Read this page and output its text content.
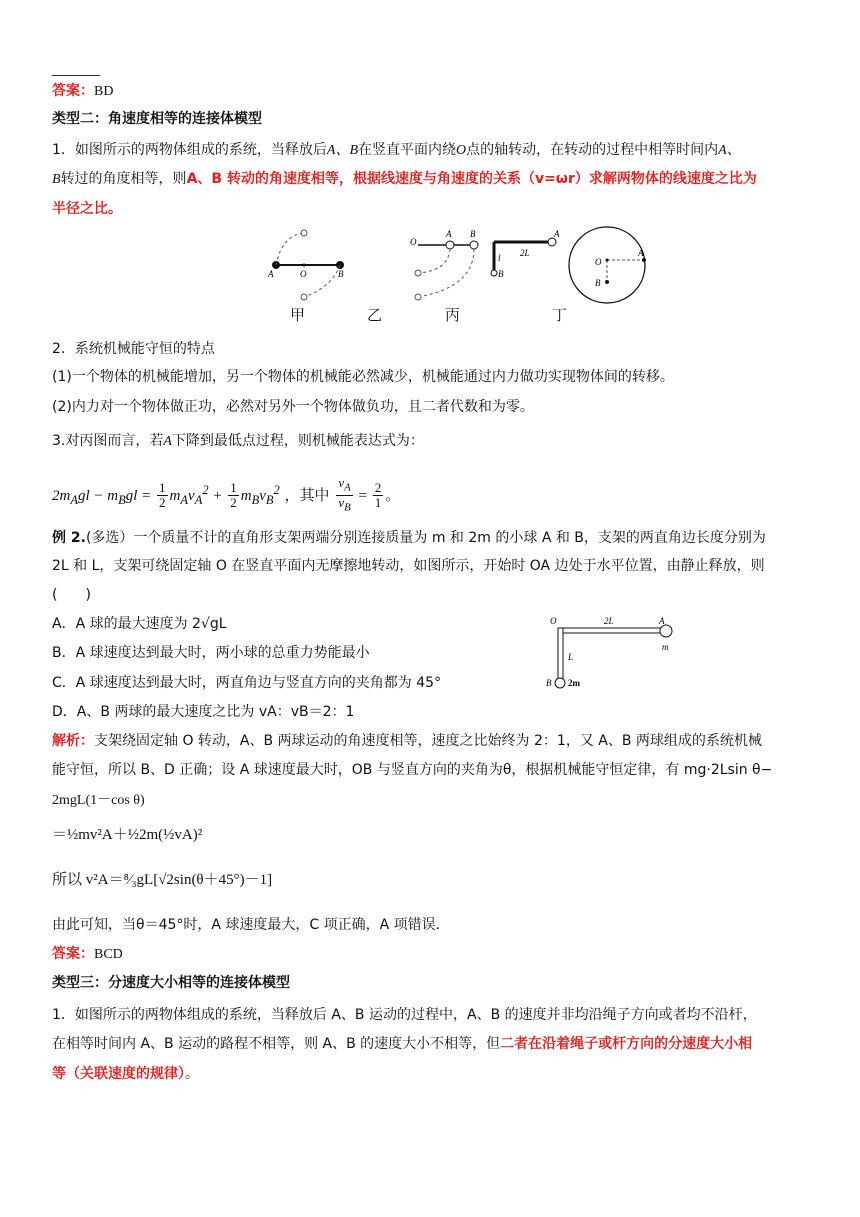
答案：BD
类型二：角速度相等的连接体模型
1．如图所示的两物体组成的系统，当释放后A、B在竖直平面内绕O点的轴转动，在转动的过程中相等时间内A、
B转过的角度相等，则A、B 转动的角速度相等，根据线速度与角速度的关系（v=ωr）求解两物体的线速度之比为
半径之比。
A	O	B
O
A B
2L
l
B
A
O
A
B
甲	乙	丙	丁
2．系统机械能守恒的特点
(1)一个物体的机械能增加，另一个物体的机械能必然减少，机械能通过内力做功实现物体间的转移。
(2)内力对一个物体做正功，必然对另外一个物体做负功，且二者代数和为零。
3.对丙图而言，若A下降到最低点过程，则机械能表达式为：
$2m_Agl - m_Bgl = \frac{1}{2} m_Av_A^2 + \frac{1}{2} m_Bv_B^2$ ，其中 $\frac{v_A}{v_B} = \frac{2}{1}$ 。
例 2.(多选）一个质量不计的直角形支架两端分别连接质量为 m 和 2m 的小球 A 和 B，支架的两直角边长度分别为
2L 和 L，支架可绕固定轴 O 在竖直平面内无摩擦地转动，如图所示，开始时 OA 边处于水平位置，由静止释放，则
(　　)
A．A 球的最大速度为 2√gL
B．A 球速度达到最大时，两小球的总重力势能最小
C．A 球速度达到最大时，两直角边与竖直方向的夹角都为 45°
D．A、B 两球的最大速度之比为 vA：vB＝2：1
O	2L	A
m
L
B 2m
解析：支架绕固定轴 O 转动，A、B 两球运动的角速度相等，速度之比始终为 2：1，又 A、B 两球组成的系统机械
能守恒，所以 B、D 正确；设 A 球速度最大时，OB 与竖直方向的夹角为θ，根据机械能守恒定律，有 mg·2Lsin θ−
2mgL(1－cos θ)
＝½mv²A＋½2m(½vA)²
所以 v²A＝⁸⁄₃gL[√2sin(θ＋45°)－1]
由此可知，当θ＝45°时，A 球速度最大，C 项正确，A 项错误．
答案：BCD
类型三：分速度大小相等的连接体模型
1．如图所示的两物体组成的系统，当释放后 A、B 运动的过程中，A、B 的速度并非均沿绳子方向或者均不沿杆，
在相等时间内 A、B 运动的路程不相等，则 A、B 的速度大小不相等，但二者在沿着绳子或杆方向的分速度大小相
等（关联速度的规律）。
